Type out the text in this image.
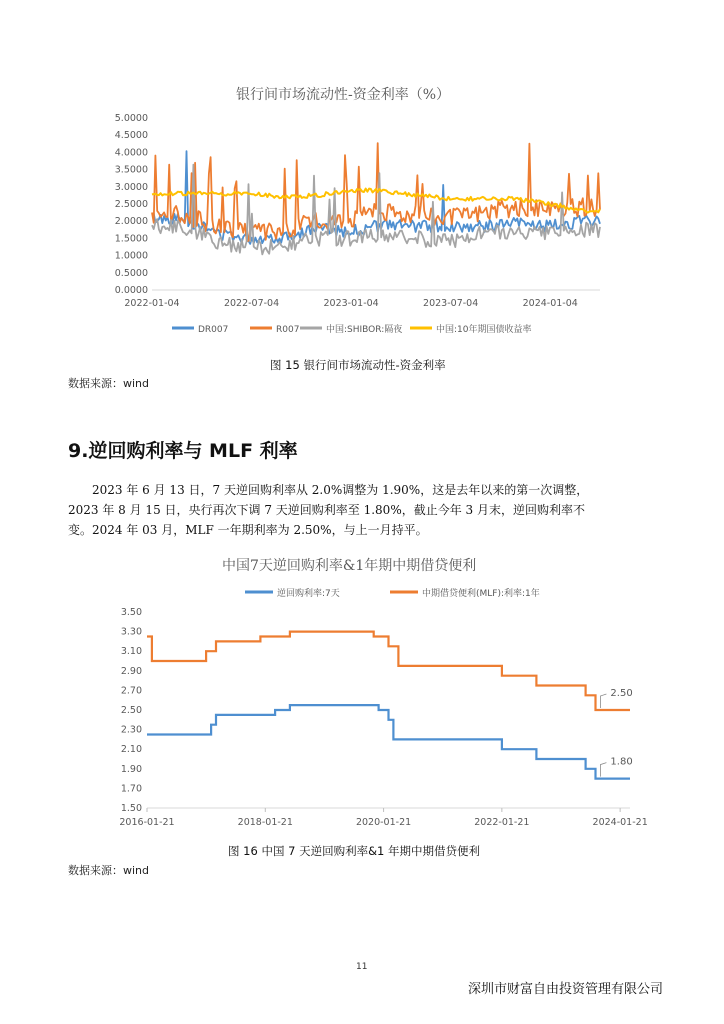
银行间市场流动性-资金利率（%）
5.0000
4.5000
4.0000
3.5000
3.0000
2.5000
2.0000
1.5000
1.0000
0.5000
0.0000
2022-01-04	2022-07-04	2023-01-04	2023-07-04	2024-01-04
DR007	R007	中国:SHIBOR:隔夜	中国:10年期国债收益率
图 15 银行间市场流动性-资金利率
数据来源：wind
9.逆回购利率与 MLF 利率
2023 年 6 月 13 日，7 天逆回购利率从 2.0%调整为 1.90%，这是去年以来的第一次调整，
2023 年 8 月 15 日，央行再次下调 7 天逆回购利率至 1.80%，截止今年 3 月末，逆回购利率不
变。2024 年 03 月，MLF 一年期利率为 2.50%，与上一月持平。
中国7天逆回购利率&1年期中期借贷便利
逆回购利率:7天	中期借贷便利(MLF):利率:1年
3.50
3.30
3.10
2.90
2.70
2.50
2.30
2.10
1.90
1.70
1.50
2016-01-21	2018-01-21	2020-01-21	2022-01-21	2024-01-21
2.50
1.80
图 16 中国 7 天逆回购利率&1 年期中期借贷便利
数据来源：wind
11
深圳市财富自由投资管理有限公司
